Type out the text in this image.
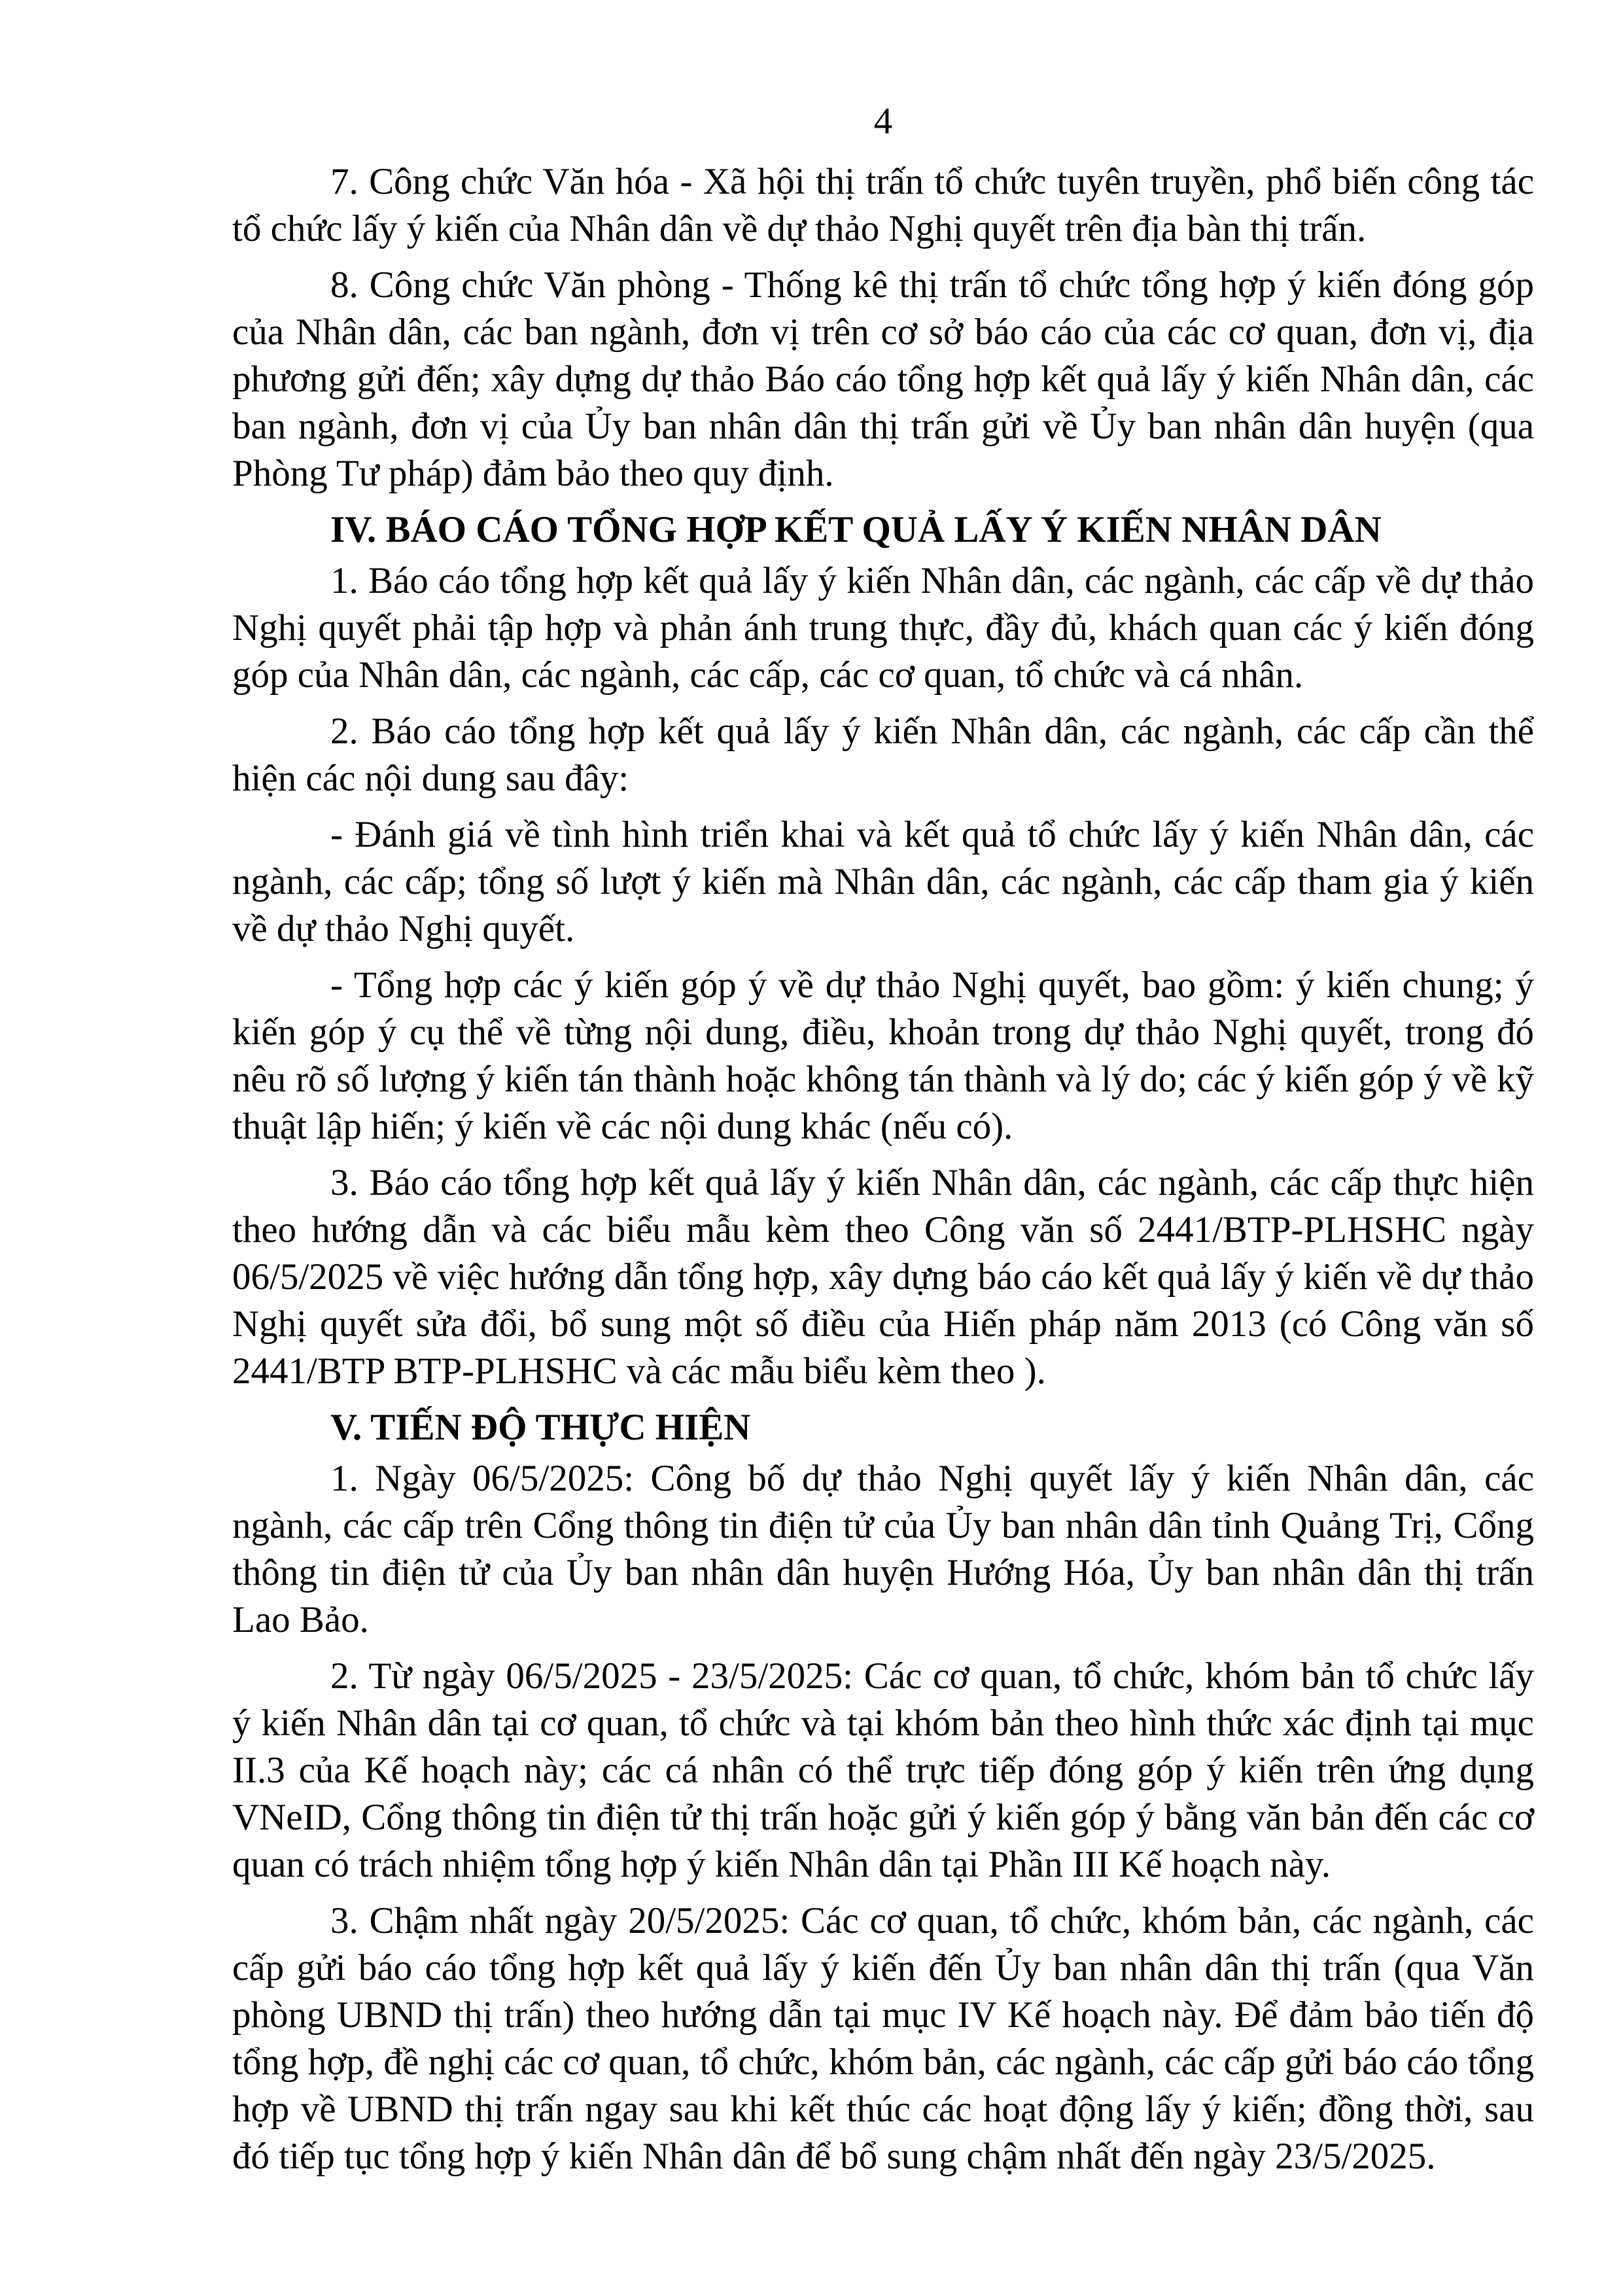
4

7. Công chức Văn hóa - Xã hội thị trấn tổ chức tuyên truyền, phổ biến công tác tổ chức lấy ý kiến của Nhân dân về dự thảo Nghị quyết trên địa bàn thị trấn.

8. Công chức Văn phòng - Thống kê thị trấn tổ chức tổng hợp ý kiến đóng góp của Nhân dân, các ban ngành, đơn vị trên cơ sở báo cáo của các cơ quan, đơn vị, địa phương gửi đến; xây dựng dự thảo Báo cáo tổng hợp kết quả lấy ý kiến Nhân dân, các ban ngành, đơn vị của Ủy ban nhân dân thị trấn gửi về Ủy ban nhân dân huyện (qua Phòng Tư pháp) đảm bảo theo quy định.

IV. BÁO CÁO TỔNG HỢP KẾT QUẢ LẤY Ý KIẾN NHÂN DÂN

1. Báo cáo tổng hợp kết quả lấy ý kiến Nhân dân, các ngành, các cấp về dự thảo Nghị quyết phải tập hợp và phản ánh trung thực, đầy đủ, khách quan các ý kiến đóng góp của Nhân dân, các ngành, các cấp, các cơ quan, tổ chức và cá nhân.

2. Báo cáo tổng hợp kết quả lấy ý kiến Nhân dân, các ngành, các cấp cần thể hiện các nội dung sau đây:

- Đánh giá về tình hình triển khai và kết quả tổ chức lấy ý kiến Nhân dân, các ngành, các cấp; tổng số lượt ý kiến mà Nhân dân, các ngành, các cấp tham gia ý kiến về dự thảo Nghị quyết.

- Tổng hợp các ý kiến góp ý về dự thảo Nghị quyết, bao gồm: ý kiến chung; ý kiến góp ý cụ thể về từng nội dung, điều, khoản trong dự thảo Nghị quyết, trong đó nêu rõ số lượng ý kiến tán thành hoặc không tán thành và lý do; các ý kiến góp ý về kỹ thuật lập hiến; ý kiến về các nội dung khác (nếu có).

3. Báo cáo tổng hợp kết quả lấy ý kiến Nhân dân, các ngành, các cấp thực hiện theo hướng dẫn và các biểu mẫu kèm theo Công văn số 2441/BTP-PLHSHC ngày 06/5/2025 về việc hướng dẫn tổng hợp, xây dựng báo cáo kết quả lấy ý kiến về dự thảo Nghị quyết sửa đổi, bổ sung một số điều của Hiến pháp năm 2013 (có Công văn số 2441/BTP BTP-PLHSHC và các mẫu biểu kèm theo ).

V. TIẾN ĐỘ THỰC HIỆN

1. Ngày 06/5/2025: Công bố dự thảo Nghị quyết lấy ý kiến Nhân dân, các ngành, các cấp trên Cổng thông tin điện tử của Ủy ban nhân dân tỉnh Quảng Trị, Cổng thông tin điện tử của Ủy ban nhân dân huyện Hướng Hóa, Ủy ban nhân dân thị trấn Lao Bảo.

2. Từ ngày 06/5/2025 - 23/5/2025: Các cơ quan, tổ chức, khóm bản tổ chức lấy ý kiến Nhân dân tại cơ quan, tổ chức và tại khóm bản theo hình thức xác định tại mục II.3 của Kế hoạch này; các cá nhân có thể trực tiếp đóng góp ý kiến trên ứng dụng VNeID, Cổng thông tin điện tử thị trấn hoặc gửi ý kiến góp ý bằng văn bản đến các cơ quan có trách nhiệm tổng hợp ý kiến Nhân dân tại Phần III Kế hoạch này.

3. Chậm nhất ngày 20/5/2025: Các cơ quan, tổ chức, khóm bản, các ngành, các cấp gửi báo cáo tổng hợp kết quả lấy ý kiến đến Ủy ban nhân dân thị trấn (qua Văn phòng UBND thị trấn) theo hướng dẫn tại mục IV Kế hoạch này. Để đảm bảo tiến độ tổng hợp, đề nghị các cơ quan, tổ chức, khóm bản, các ngành, các cấp gửi báo cáo tổng hợp về UBND thị trấn ngay sau khi kết thúc các hoạt động lấy ý kiến; đồng thời, sau đó tiếp tục tổng hợp ý kiến Nhân dân để bổ sung chậm nhất đến ngày 23/5/2025.
